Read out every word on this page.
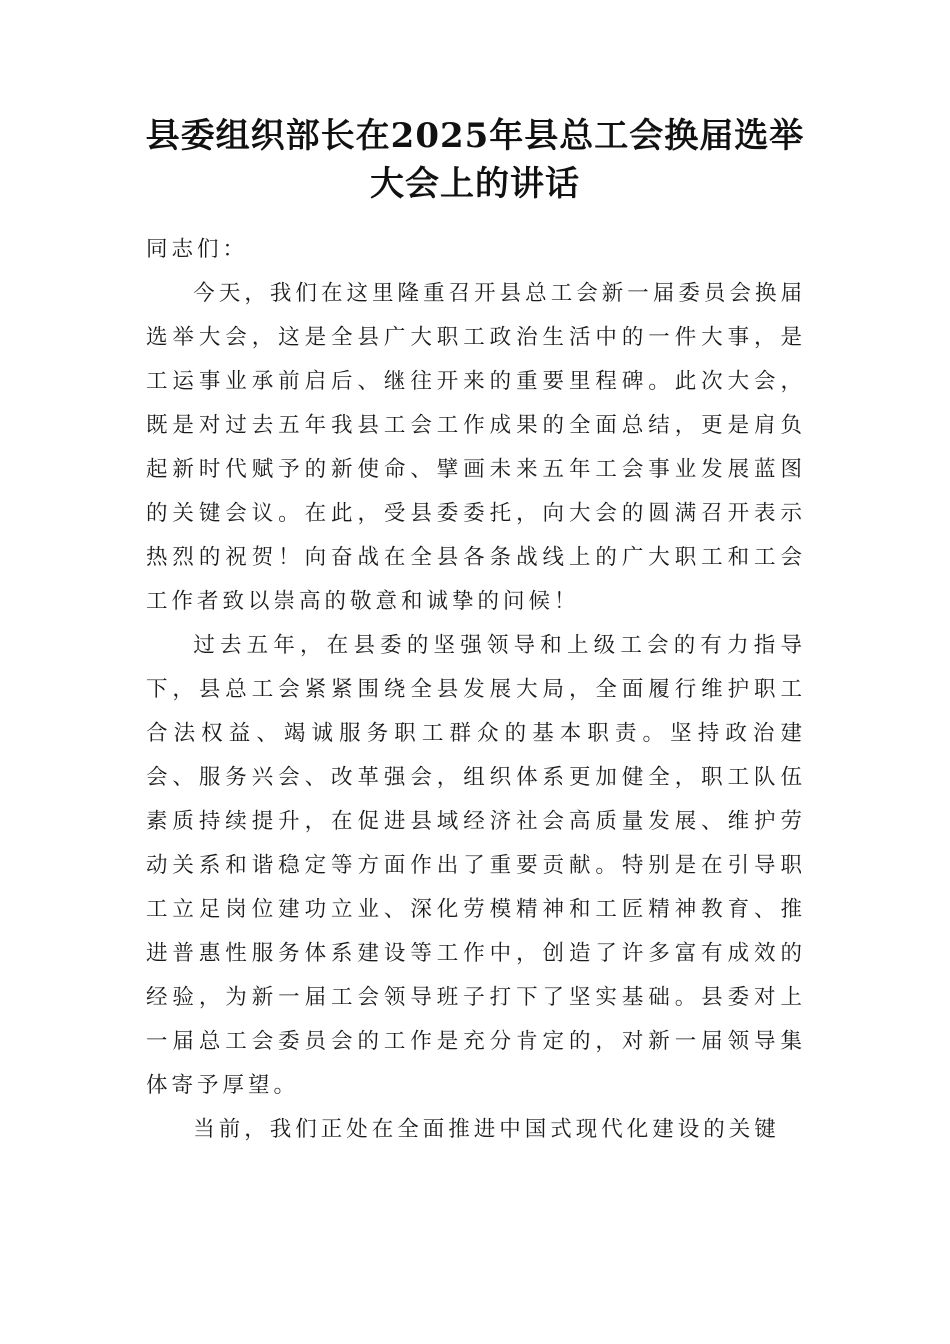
县委组织部长在2025年县总工会换届选举大会上的讲话

同志们：

今天，我们在这里隆重召开县总工会新一届委员会换届选举大会，这是全县广大职工政治生活中的一件大事，是工运事业承前启后、继往开来的重要里程碑。此次大会，既是对过去五年我县工会工作成果的全面总结，更是肩负起新时代赋予的新使命、擘画未来五年工会事业发展蓝图的关键会议。在此，受县委委托，向大会的圆满召开表示热烈的祝贺！向奋战在全县各条战线上的广大职工和工会工作者致以崇高的敬意和诚挚的问候！

过去五年，在县委的坚强领导和上级工会的有力指导下，县总工会紧紧围绕全县发展大局，全面履行维护职工合法权益、竭诚服务职工群众的基本职责。坚持政治建会、服务兴会、改革强会，组织体系更加健全，职工队伍素质持续提升，在促进县域经济社会高质量发展、维护劳动关系和谐稳定等方面作出了重要贡献。特别是在引导职工立足岗位建功立业、深化劳模精神和工匠精神教育、推进普惠性服务体系建设等工作中，创造了许多富有成效的经验，为新一届工会领导班子打下了坚实基础。县委对上一届总工会委员会的工作是充分肯定的，对新一届领导集体寄予厚望。

当前，我们正处在全面推进中国式现代化建设的关键
